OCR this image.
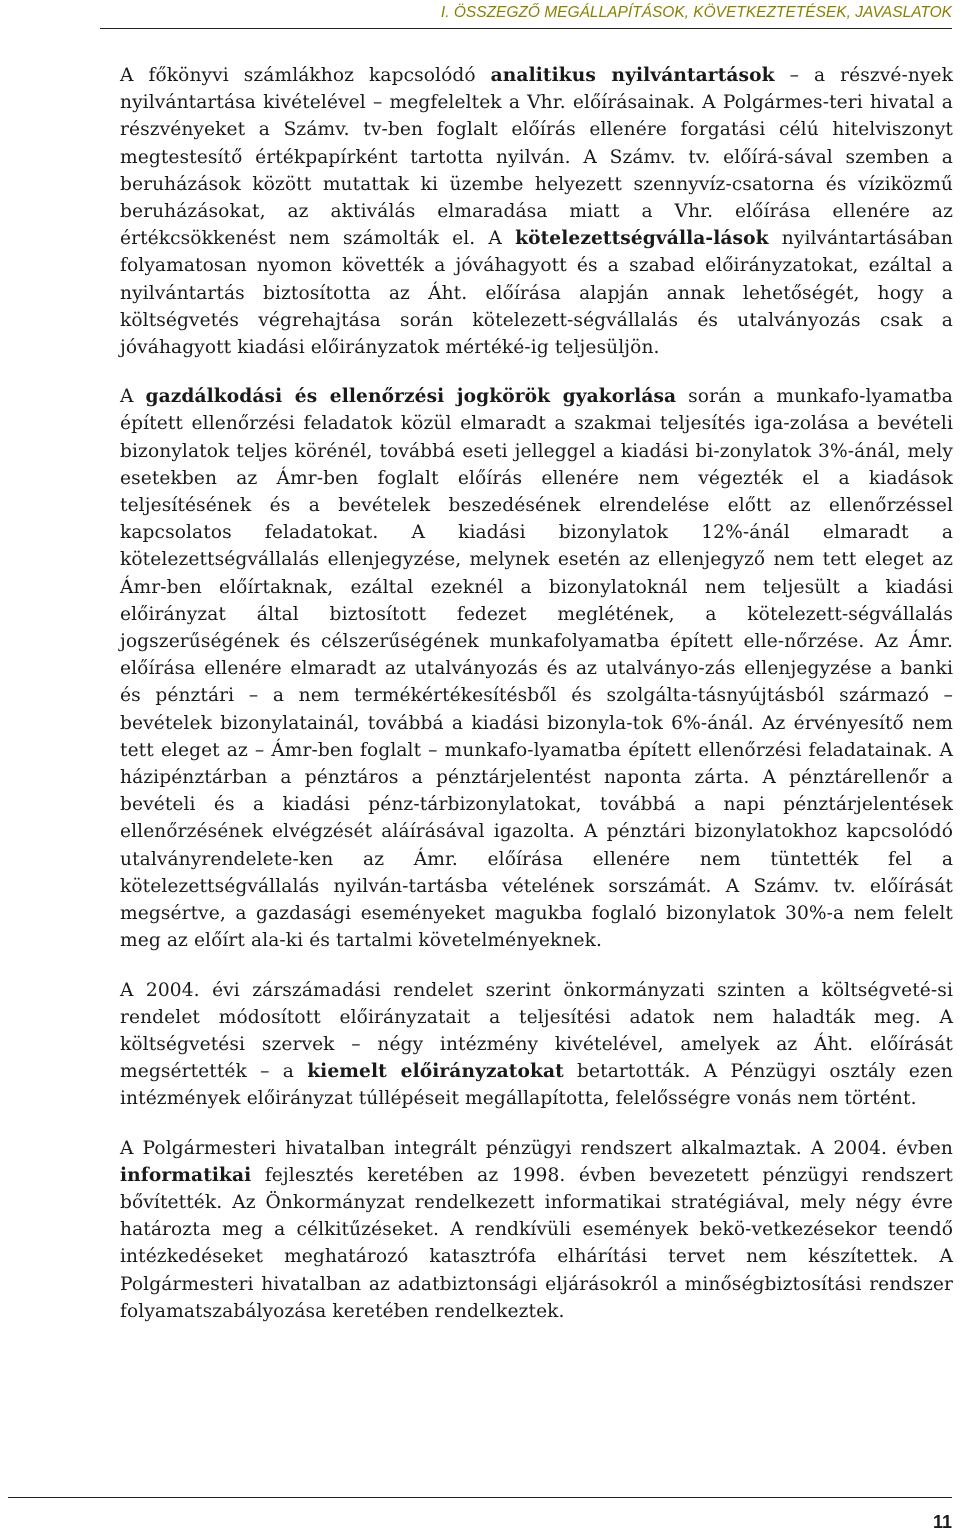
I. ÖSSZEGZŐ MEGÁLLAPÍTÁSOK, KÖVETKEZTETÉSEK, JAVASLATOK

A főkönyvi számlákhoz kapcsolódó analitikus nyilvántartások – a részvé-nyek nyilvántartása kivételével – megfeleltek a Vhr. előírásainak. A Polgármes-teri hivatal a részvényeket a Számv. tv-ben foglalt előírás ellenére forgatási célú hitelviszonyt megtestesítő értékpapírként tartotta nyilván. A Számv. tv. előírá-sával szemben a beruházások között mutattak ki üzembe helyezett szennyvíz-csatorna és víziközmű beruházásokat, az aktiválás elmaradása miatt a Vhr. előírása ellenére az értékcsökkenést nem számolták el. A kötelezettségválla-lások nyilvántartásában folyamatosan nyomon követték a jóváhagyott és a szabad előirányzatokat, ezáltal a nyilvántartás biztosította az Áht. előírása alapján annak lehetőségét, hogy a költségvetés végrehajtása során kötelezett-ségvállalás és utalványozás csak a jóváhagyott kiadási előirányzatok mértéké-ig teljesüljön.

A gazdálkodási és ellenőrzési jogkörök gyakorlása során a munkafo-lyamatba épített ellenőrzési feladatok közül elmaradt a szakmai teljesítés iga-zolása a bevételi bizonylatok teljes körénél, továbbá eseti jelleggel a kiadási bi-zonylatok 3%-ánál, mely esetekben az Ámr-ben foglalt előírás ellenére nem végezték el a kiadások teljesítésének és a bevételek beszedésének elrendelése előtt az ellenőrzéssel kapcsolatos feladatokat. A kiadási bizonylatok 12%-ánál elmaradt a kötelezettségvállalás ellenjegyzése, melynek esetén az ellenjegyző nem tett eleget az Ámr-ben előírtaknak, ezáltal ezeknél a bizonylatoknál nem teljesült a kiadási előirányzat által biztosított fedezet meglétének, a kötelezett-ségvállalás jogszerűségének és célszerűségének munkafolyamatba épített elle-nőrzése. Az Ámr. előírása ellenére elmaradt az utalványozás és az utalványo-zás ellenjegyzése a banki és pénztári – a nem termékértékesítésből és szolgálta-tásnyújtásból származó – bevételek bizonylatainál, továbbá a kiadási bizonyla-tok 6%-ánál. Az érvényesítő nem tett eleget az – Ámr-ben foglalt – munkafo-lyamatba épített ellenőrzési feladatainak. A házipénztárban a pénztáros a pénztárjelentést naponta zárta. A pénztárellenőr a bevételi és a kiadási pénz-tárbizonylatokat, továbbá a napi pénztárjelentések ellenőrzésének elvégzését aláírásával igazolta. A pénztári bizonylatokhoz kapcsolódó utalványrendelete-ken az Ámr. előírása ellenére nem tüntették fel a kötelezettségvállalás nyilván-tartásba vételének sorszámát. A Számv. tv. előírását megsértve, a gazdasági eseményeket magukba foglaló bizonylatok 30%-a nem felelt meg az előírt ala-ki és tartalmi követelményeknek.

A 2004. évi zárszámadási rendelet szerint önkormányzati szinten a költségveté-si rendelet módosított előirányzatait a teljesítési adatok nem haladták meg. A költségvetési szervek – négy intézmény kivételével, amelyek az Áht. előírását megsértették – a kiemelt előirányzatokat betartották. A Pénzügyi osztály ezen intézmények előirányzat túllépéseit megállapította, felelősségre vonás nem történt.

A Polgármesteri hivatalban integrált pénzügyi rendszert alkalmaztak. A 2004. évben informatikai fejlesztés keretében az 1998. évben bevezetett pénzügyi rendszert bővítették. Az Önkormányzat rendelkezett informatikai stratégiával, mely négy évre határozta meg a célkitűzéseket. A rendkívüli események bekö-vetkezésekor teendő intézkedéseket meghatározó katasztrófa elhárítási tervet nem készítettek. A Polgármesteri hivatalban az adatbiztonsági eljárásokról a minőségbiztosítási rendszer folyamatszabályozása keretében rendelkeztek.

11
